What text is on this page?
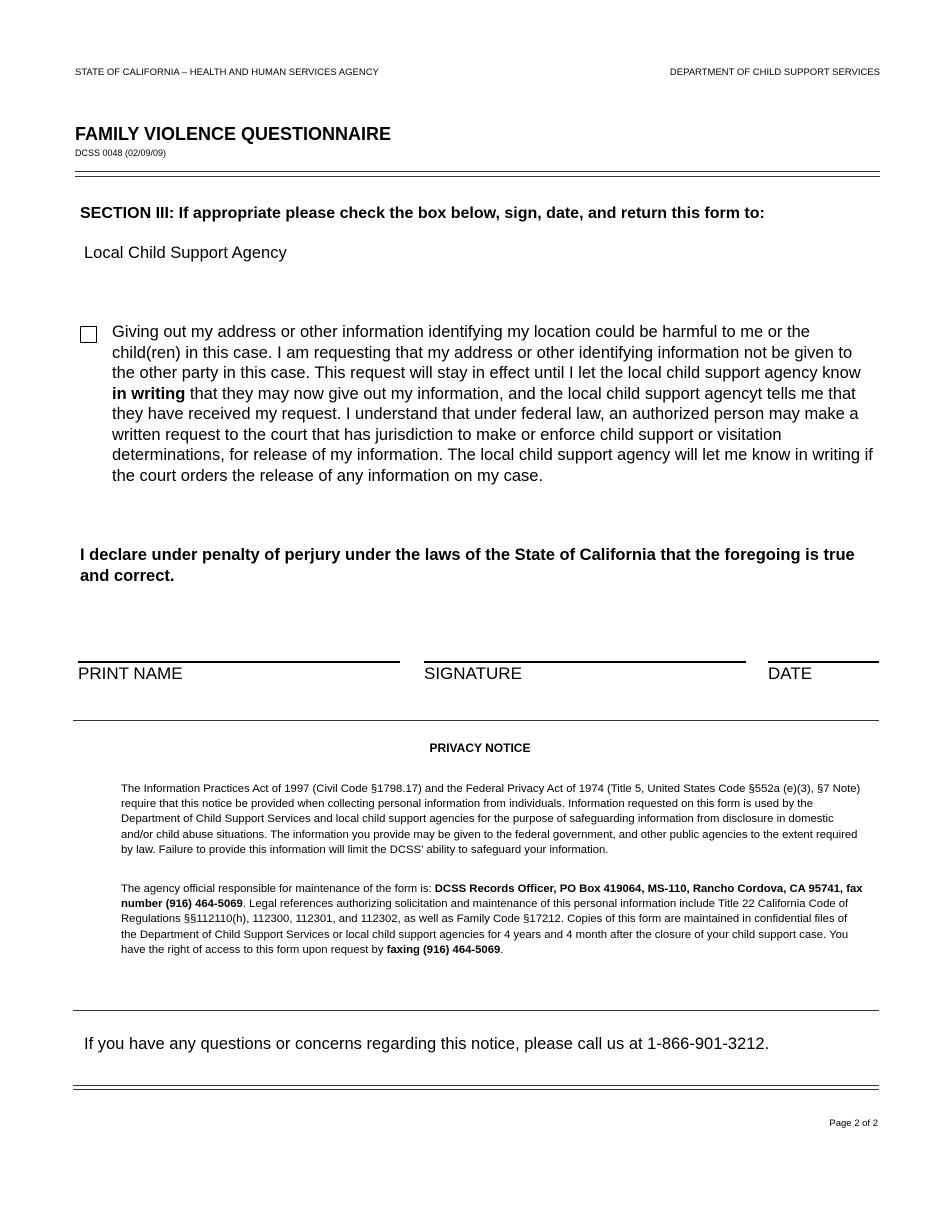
STATE OF CALIFORNIA – HEALTH AND HUMAN SERVICES AGENCY	DEPARTMENT OF CHILD SUPPORT SERVICES
FAMILY VIOLENCE QUESTIONNAIRE
DCSS 0048 (02/09/09)
SECTION III: If appropriate please check the box below, sign, date, and return this form to:
Local Child Support Agency
Giving out my address or other information identifying my location could be harmful to me or the child(ren) in this case. I am requesting that my address or other identifying information not be given to the other party in this case. This request will stay in effect until I let the local child support agency know in writing that they may now give out my information, and the local child support agencyt tells me that they have received my request. I understand that under federal law, an authorized person may make a written request to the court that has jurisdiction to make or enforce child support or visitation determinations, for release of my information. The local child support agency will let me know in writing if the court orders the release of any information on my case.
I declare under penalty of perjury under the laws of the State of California that the foregoing is true and correct.
PRINT NAME	SIGNATURE	DATE
PRIVACY NOTICE
The Information Practices Act of 1997 (Civil Code §1798.17) and the Federal Privacy Act of 1974 (Title 5, United States Code §552a (e)(3), §7 Note) require that this notice be provided when collecting personal information from individuals. Information requested on this form is used by the Department of Child Support Services and local child support agencies for the purpose of safeguarding information from disclosure in domestic and/or child abuse situations. The information you provide may be given to the federal government, and other public agencies to the extent required by law. Failure to provide this information will limit the DCSS’ ability to safeguard your information.
The agency official responsible for maintenance of the form is: DCSS Records Officer, PO Box 419064, MS-110, Rancho Cordova, CA 95741, fax number (916) 464-5069. Legal references authorizing solicitation and maintenance of this personal information include Title 22 California Code of Regulations §§112110(h), 112300, 112301, and 112302, as well as Family Code §17212. Copies of this form are maintained in confidential files of the Department of Child Support Services or local child support agencies for 4 years and 4 month after the closure of your child support case. You have the right of access to this form upon request by faxing (916) 464-5069.
If you have any questions or concerns regarding this notice, please call us at 1-866-901-3212.
Page 2 of 2
